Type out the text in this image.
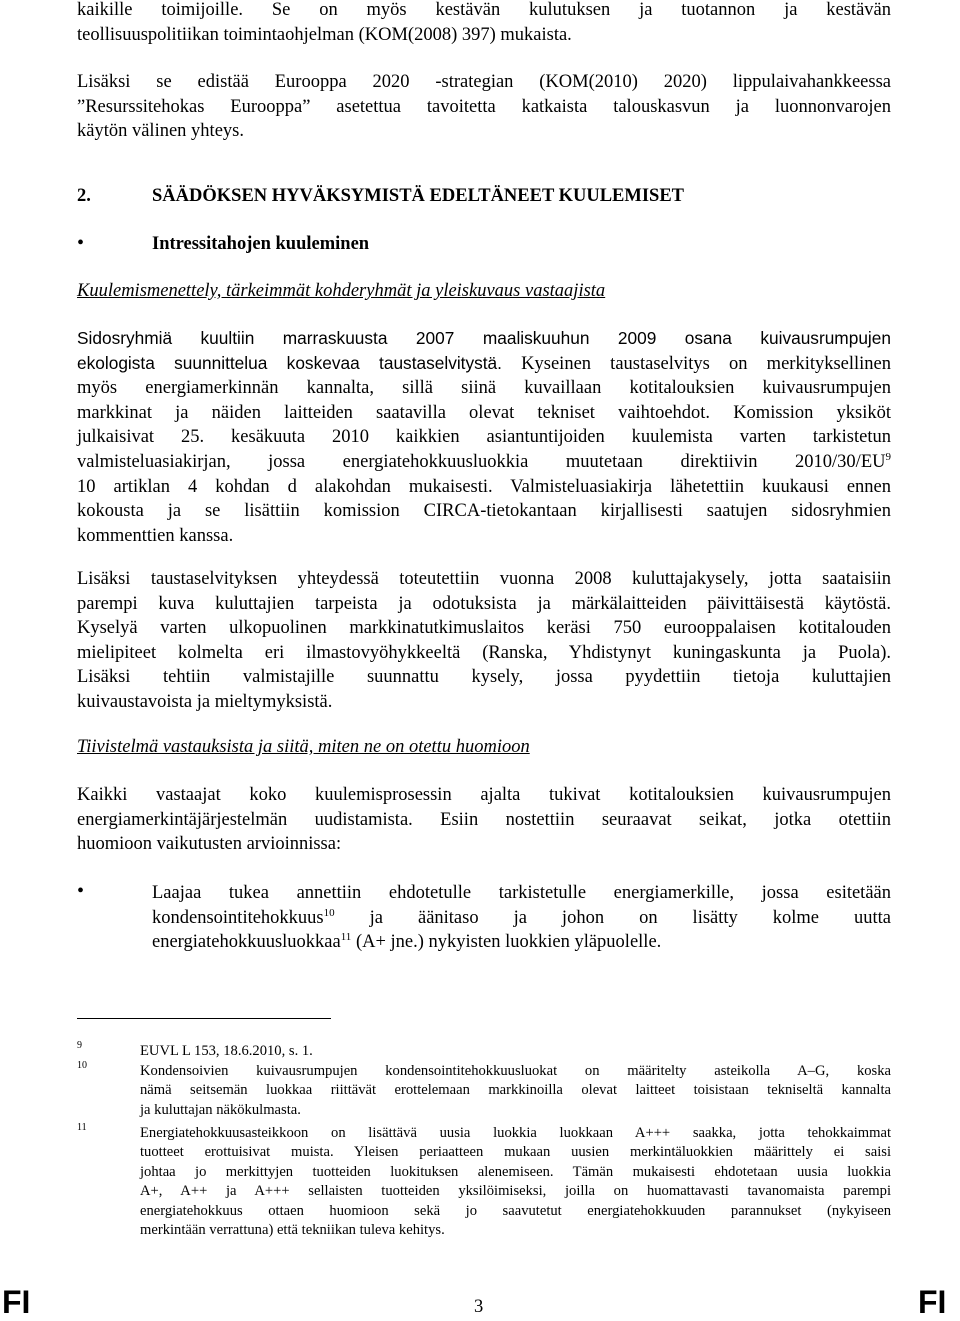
kaikille toimijoille. Se on myös kestävän kulutuksen ja tuotannon ja kestävän
teollisuuspolitiikan toimintaohjelman (KOM(2008) 397) mukaista.
Lisäksi se edistää Eurooppa 2020 -strategian (KOM(2010) 2020) lippulaivahankkeessa
”Resurssitehokas Eurooppa” asetettua tavoitetta katkaista talouskasvun ja luonnonvarojen
käytön välinen yhteys.
2.	SÄÄDÖKSEN HYVÄKSYMISTÄ EDELTÄNEET KUULEMISET
•	Intressitahojen kuuleminen
Kuulemismenettely, tärkeimmät kohderyhmät ja yleiskuvaus vastaajista
Sidosryhmiä kuultiin marraskuusta 2007 maaliskuuhun 2009 osana kuivausrumpujen
ekologista suunnittelua koskevaa taustaselvitystä. Kyseinen taustaselvitys on merkityksellinen
myös energiamerkinnän kannalta, sillä siinä kuvaillaan kotitalouksien kuivausrumpujen
markkinat ja näiden laitteiden saatavilla olevat tekniset vaihtoehdot. Komission yksiköt
julkaisivat 25. kesäkuuta 2010 kaikkien asiantuntijoiden kuulemista varten tarkistetun
valmisteluasiakirjan, jossa energiatehokkuusluokkia muutetaan direktiivin $2010/30/EU^9$
10 artiklan 4 kohdan d alakohdan mukaisesti. Valmisteluasiakirja lähetettiin kuukausi ennen
kokousta ja se lisättiin komission CIRCA-tietokantaan kirjallisesti saatujen sidosryhmien
kommenttien kanssa.
Lisäksi taustaselvityksen yhteydessä toteutettiin vuonna 2008 kuluttajakysely, jotta saataisiin
parempi kuva kuluttajien tarpeista ja odotuksista ja märkälaitteiden päivittäisestä käytöstä.
Kyselyä varten ulkopuolinen markkinatutkimuslaitos keräsi 750 eurooppalaisen kotitalouden
mielipiteet kolmelta eri ilmastovyöhykkeeltä (Ranska, Yhdistynyt kuningaskunta ja Puola).
Lisäksi tehtiin valmistajille suunnattu kysely, jossa pyydettiin tietoja kuluttajien
kuivaustavoista ja mieltymyksistä.
Tiivistelmä vastauksista ja siitä, miten ne on otettu huomioon
Kaikki vastaajat koko kuulemisprosessin ajalta tukivat kotitalouksien kuivausrumpujen
energiamerkintäjärjestelmän uudistamista. Esiin nostettiin seuraavat seikat, jotka otettiin
huomioon vaikutusten arvioinnissa:
•	Laajaa tukea annettiin ehdotetulle tarkistetulle energiamerkille, jossa esitetään
kondensointitehokkuus$^{10}$ ja äänitaso ja johon on lisätty kolme uutta
energiatehokkuusluokkaa$^{11}$ (A+ jne.) nykyisten luokkien yläpuolelle.
9	EUVL L 153, 18.6.2010, s. 1.
10	Kondensoivien kuivausrumpujen kondensointitehokkuusluokat on määritelty asteikolla A–G, koska
nämä seitsemän luokkaa riittävät erottelemaan markkinoilla olevat laitteet toisistaan tekniseltä kannalta
ja kuluttajan näkökulmasta.
11	Energiatehokkuusasteikkoon on lisättävä uusia luokkia luokkaan A+++ saakka, jotta tehokkaimmat
tuotteet erottuisivat muista. Yleisen periaatteen mukaan uusien merkintäluokkien määrittely ei saisi
johtaa jo merkittyjen tuotteiden luokituksen alenemiseen. Tämän mukaisesti ehdotetaan uusia luokkia
A+, A++ ja A+++ sellaisten tuotteiden yksilöimiseksi, joilla on huomattavasti tavanomaista parempi
energiatehokkuus ottaen huomioon sekä jo saavutetut energiatehokkuuden parannukset (nykyiseen
merkintään verrattuna) että tekniikan tuleva kehitys.
FI	3	FI
